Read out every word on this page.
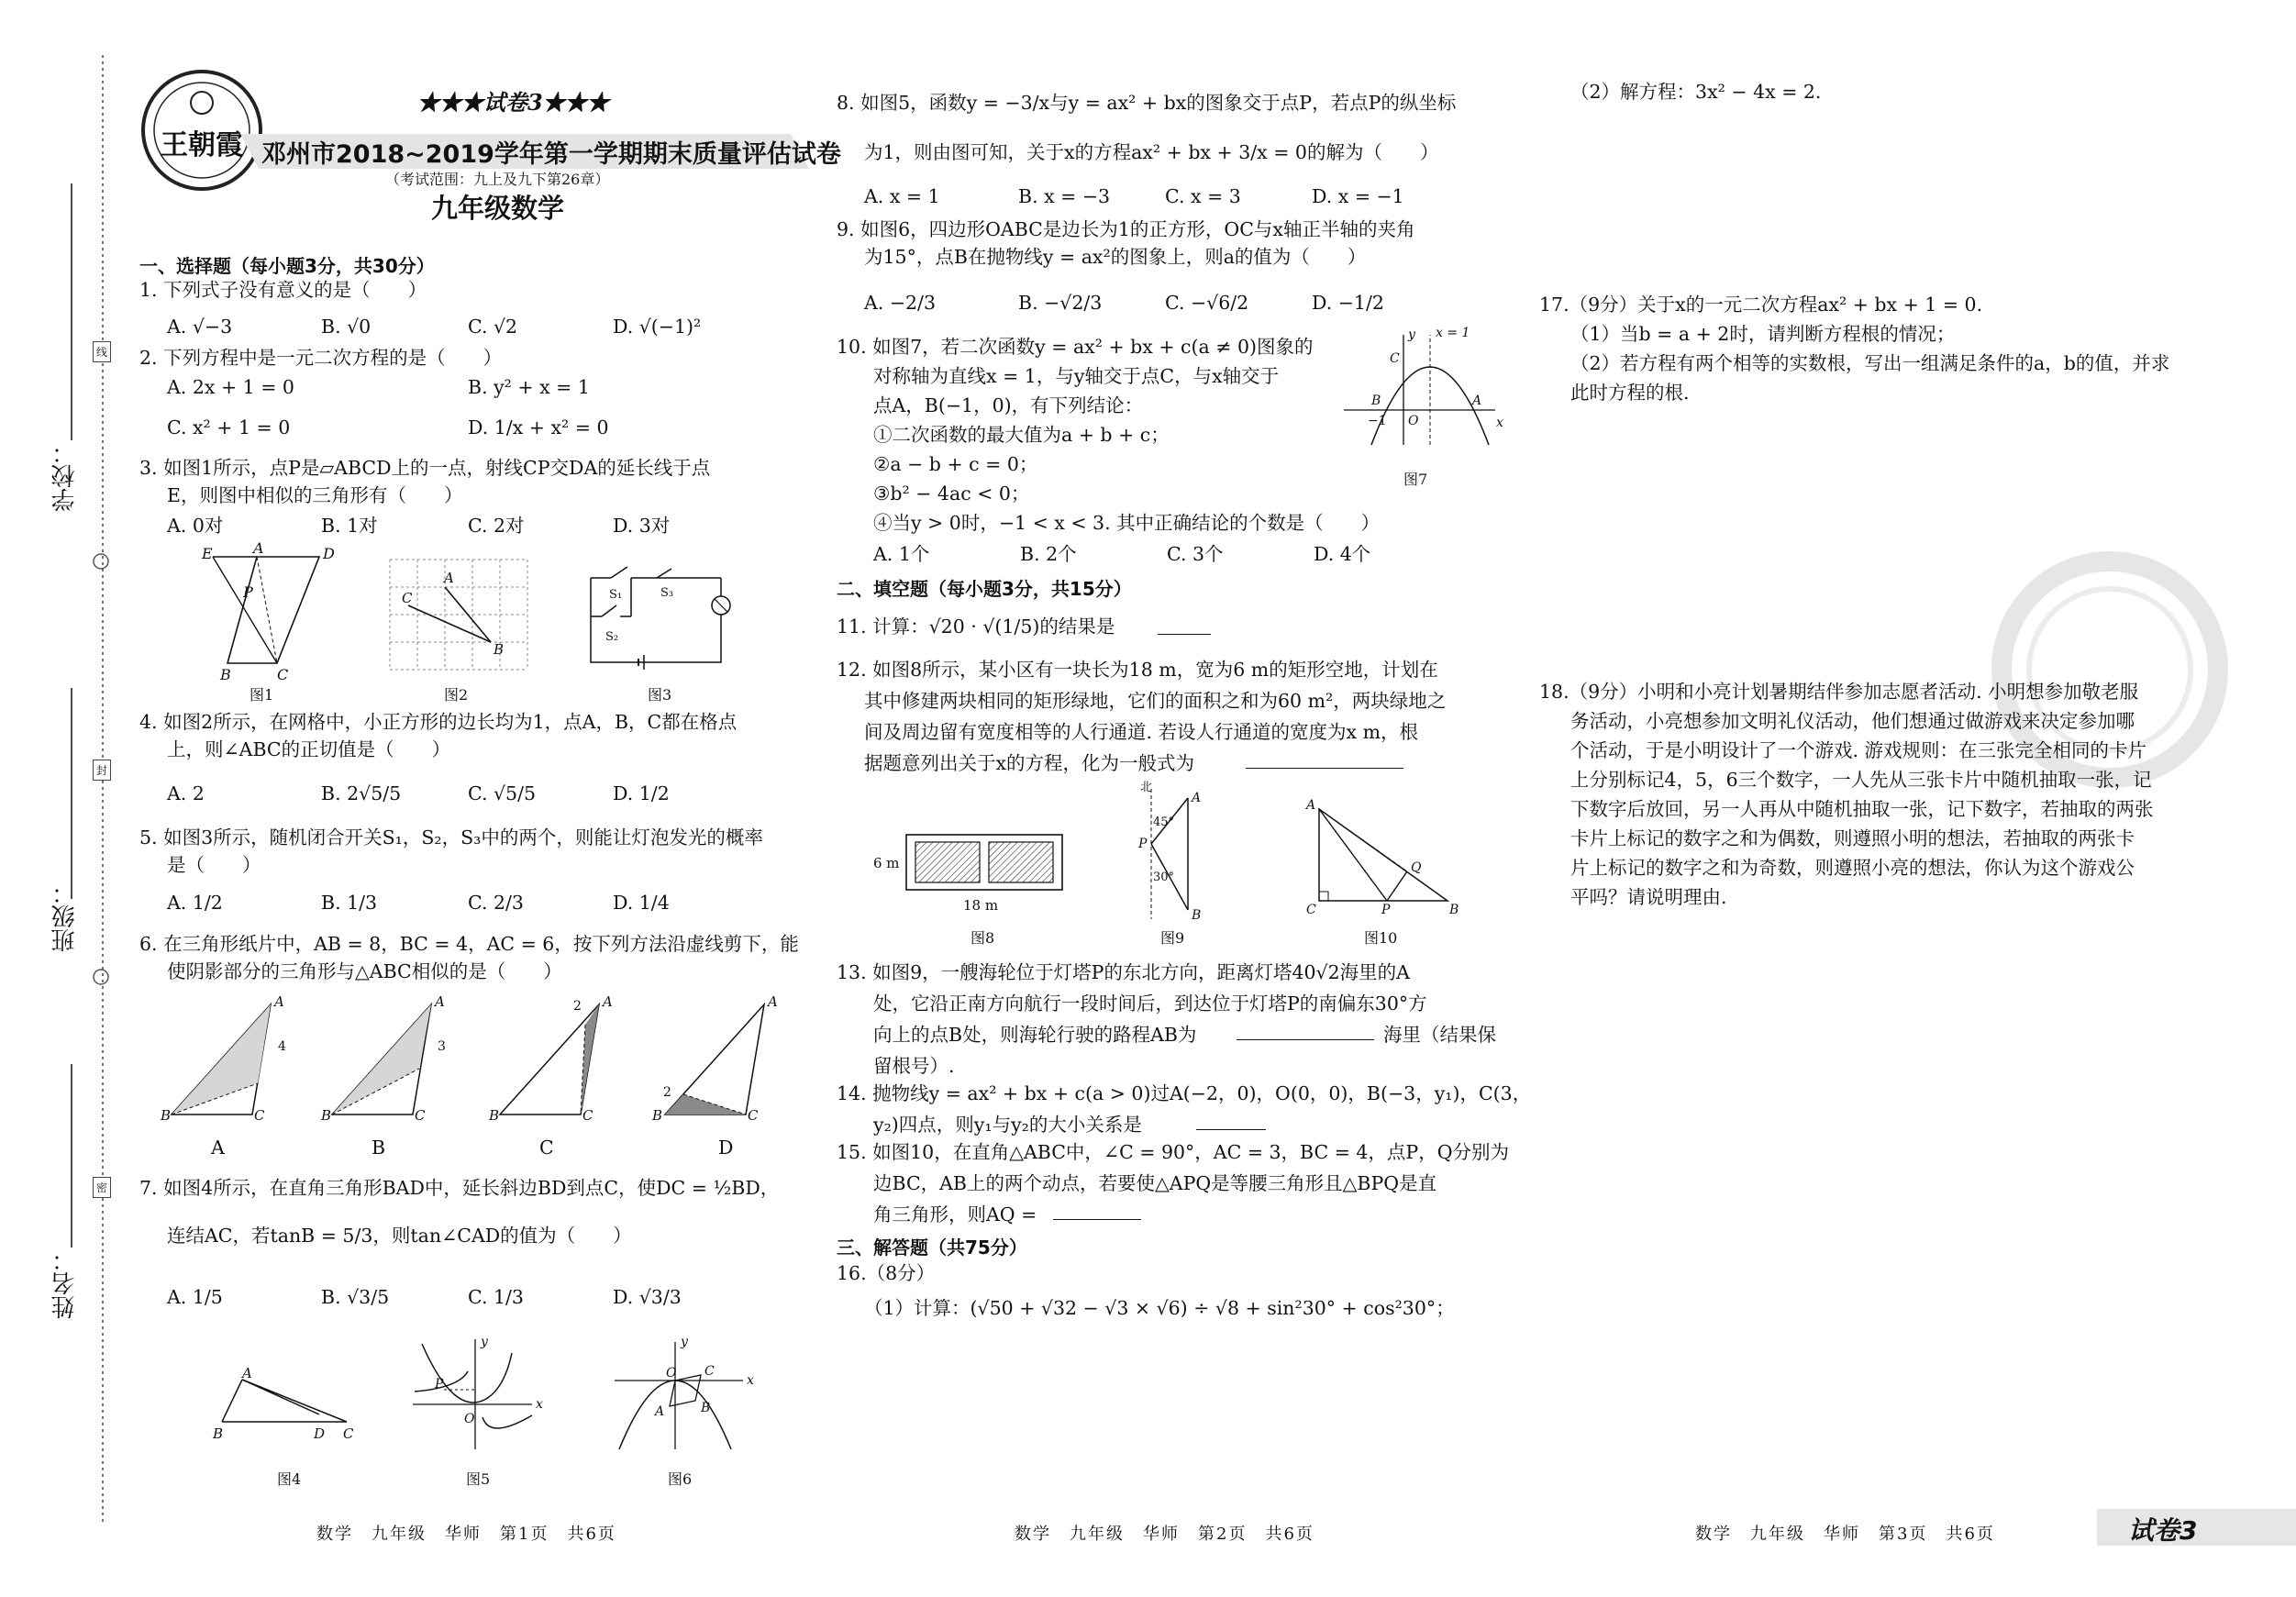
学校：
班级：
姓名：
线
封
密
王朝霞
★★★试卷3★★★
邓州市2018~2019学年第一学期期末质量评估试卷
（考试范围：九上及九下第26章）
九年级数学
一、选择题（每小题3分，共30分）
1. 下列式子没有意义的是（　　）
A. √−3	B. √0	C. √2	D. √(−1)²
2. 下列方程中是一元二次方程的是（　　）
A. 2x + 1 = 0	B. y² + x = 1
C. x² + 1 = 0	D. 1/x + x² = 0
3. 如图1所示，点P是▱ABCD上的一点，射线CP交DA的延长线于点
E，则图中相似的三角形有（　　）
A. 0对	B. 1对	C. 2对	D. 3对
E	A	D
P
B	C
图1
A
C
B
图2
S₁
S₂
S₃
图3
4. 如图2所示，在网格中，小正方形的边长均为1，点A，B，C都在格点
上，则∠ABC的正切值是（　　）
A. 2	B. 2√5/5	C. √5/5	D. 1/2
5. 如图3所示，随机闭合开关S₁，S₂，S₃中的两个，则能让灯泡发光的概率
是（　　）
A. 1/2	B. 1/3	C. 2/3	D. 1/4
6. 在三角形纸片中，AB = 8，BC = 4，AC = 6，按下列方法沿虚线剪下，能
使阴影部分的三角形与△ABC相似的是（　　）
A
B	C
4
A
B	C
3
A
B	C
2	A
B	C
2
A	B	C	D
7. 如图4所示，在直角三角形BAD中，延长斜边BD到点C，使DC = ½BD，
连结AC，若tanB = 5/3，则tan∠CAD的值为（　　）
A. 1/5	B. √3/5	C. 1/3	D. √3/3
A
B	D C
图4
P
y
x
O
图5
O C
B
A
y
x
图6
8. 如图5，函数y = −3/x与y = ax² + bx的图象交于点P，若点P的纵坐标
为1，则由图可知，关于x的方程ax² + bx + 3/x = 0的解为（　　）
A. x = 1	B. x = −3	C. x = 3	D. x = −1
9. 如图6，四边形OABC是边长为1的正方形，OC与x轴正半轴的夹角
为15°，点B在抛物线y = ax²的图象上，则a的值为（　　）
A. −2/3	B. −√2/3	C. −√6/2	D. −1/2
10. 如图7，若二次函数y = ax² + bx + c(a ≠ 0)图象的
对称轴为直线x = 1，与y轴交于点C，与x轴交于
点A，B(−1，0)，有下列结论：
①二次函数的最大值为a + b + c；
②a − b + c = 0；
③b² − 4ac < 0；
④当y > 0时，−1 < x < 3. 其中正确结论的个数是（　　）
A. 1个	B. 2个	C. 3个	D. 4个
x = 1
y
C
B	A
−1 O	x
图7
二、填空题（每小题3分，共15分）
11. 计算：√20 · √(1/5)的结果是
12. 如图8所示，某小区有一块长为18 m，宽为6 m的矩形空地，计划在
其中修建两块相同的矩形绿地，它们的面积之和为60 m²，两块绿地之
间及周边留有宽度相等的人行通道. 若设人行通道的宽度为x m，根
据题意列出关于x的方程，化为一般式为
6 m
18 m
图8
北
45°
30°
A
P
B
图9
A
C	P
Q
B
图10
13. 如图9，一艘海轮位于灯塔P的东北方向，距离灯塔40√2海里的A
处，它沿正南方向航行一段时间后，到达位于灯塔P的南偏东30°方
向上的点B处，则海轮行驶的路程AB为	海里（结果保
留根号）.
14. 抛物线y = ax² + bx + c(a > 0)过A(−2，0)，O(0，0)，B(−3，y₁)，C(3，
y₂)四点，则y₁与y₂的大小关系是
15. 如图10，在直角△ABC中，∠C = 90°，AC = 3，BC = 4，点P，Q分别为
边BC，AB上的两个动点，若要使△APQ是等腰三角形且△BPQ是直
角三角形，则AQ =
三、解答题（共75分）
16.（8分）
（1）计算：(√50 + √32 − √3 × √6) ÷ √8 + sin²30° + cos²30°；
（2）解方程：3x² − 4x = 2.
17.（9分）关于x的一元二次方程ax² + bx + 1 = 0.
（1）当b = a + 2时，请判断方程根的情况；
（2）若方程有两个相等的实数根，写出一组满足条件的a，b的值，并求
此时方程的根.
18.（9分）小明和小亮计划暑期结伴参加志愿者活动. 小明想参加敬老服
务活动，小亮想参加文明礼仪活动，他们想通过做游戏来决定参加哪
个活动，于是小明设计了一个游戏. 游戏规则：在三张完全相同的卡片
上分别标记4，5，6三个数字，一人先从三张卡片中随机抽取一张，记
下数字后放回，另一人再从中随机抽取一张，记下数字，若抽取的两张
卡片上标记的数字之和为偶数，则遵照小明的想法，若抽取的两张卡
片上标记的数字之和为奇数，则遵照小亮的想法，你认为这个游戏公
平吗？请说明理由.
数学　九年级　华师　第1页　共6页	数学　九年级　华师　第2页　共6页	数学　九年级　华师　第3页　共6页	试卷3
